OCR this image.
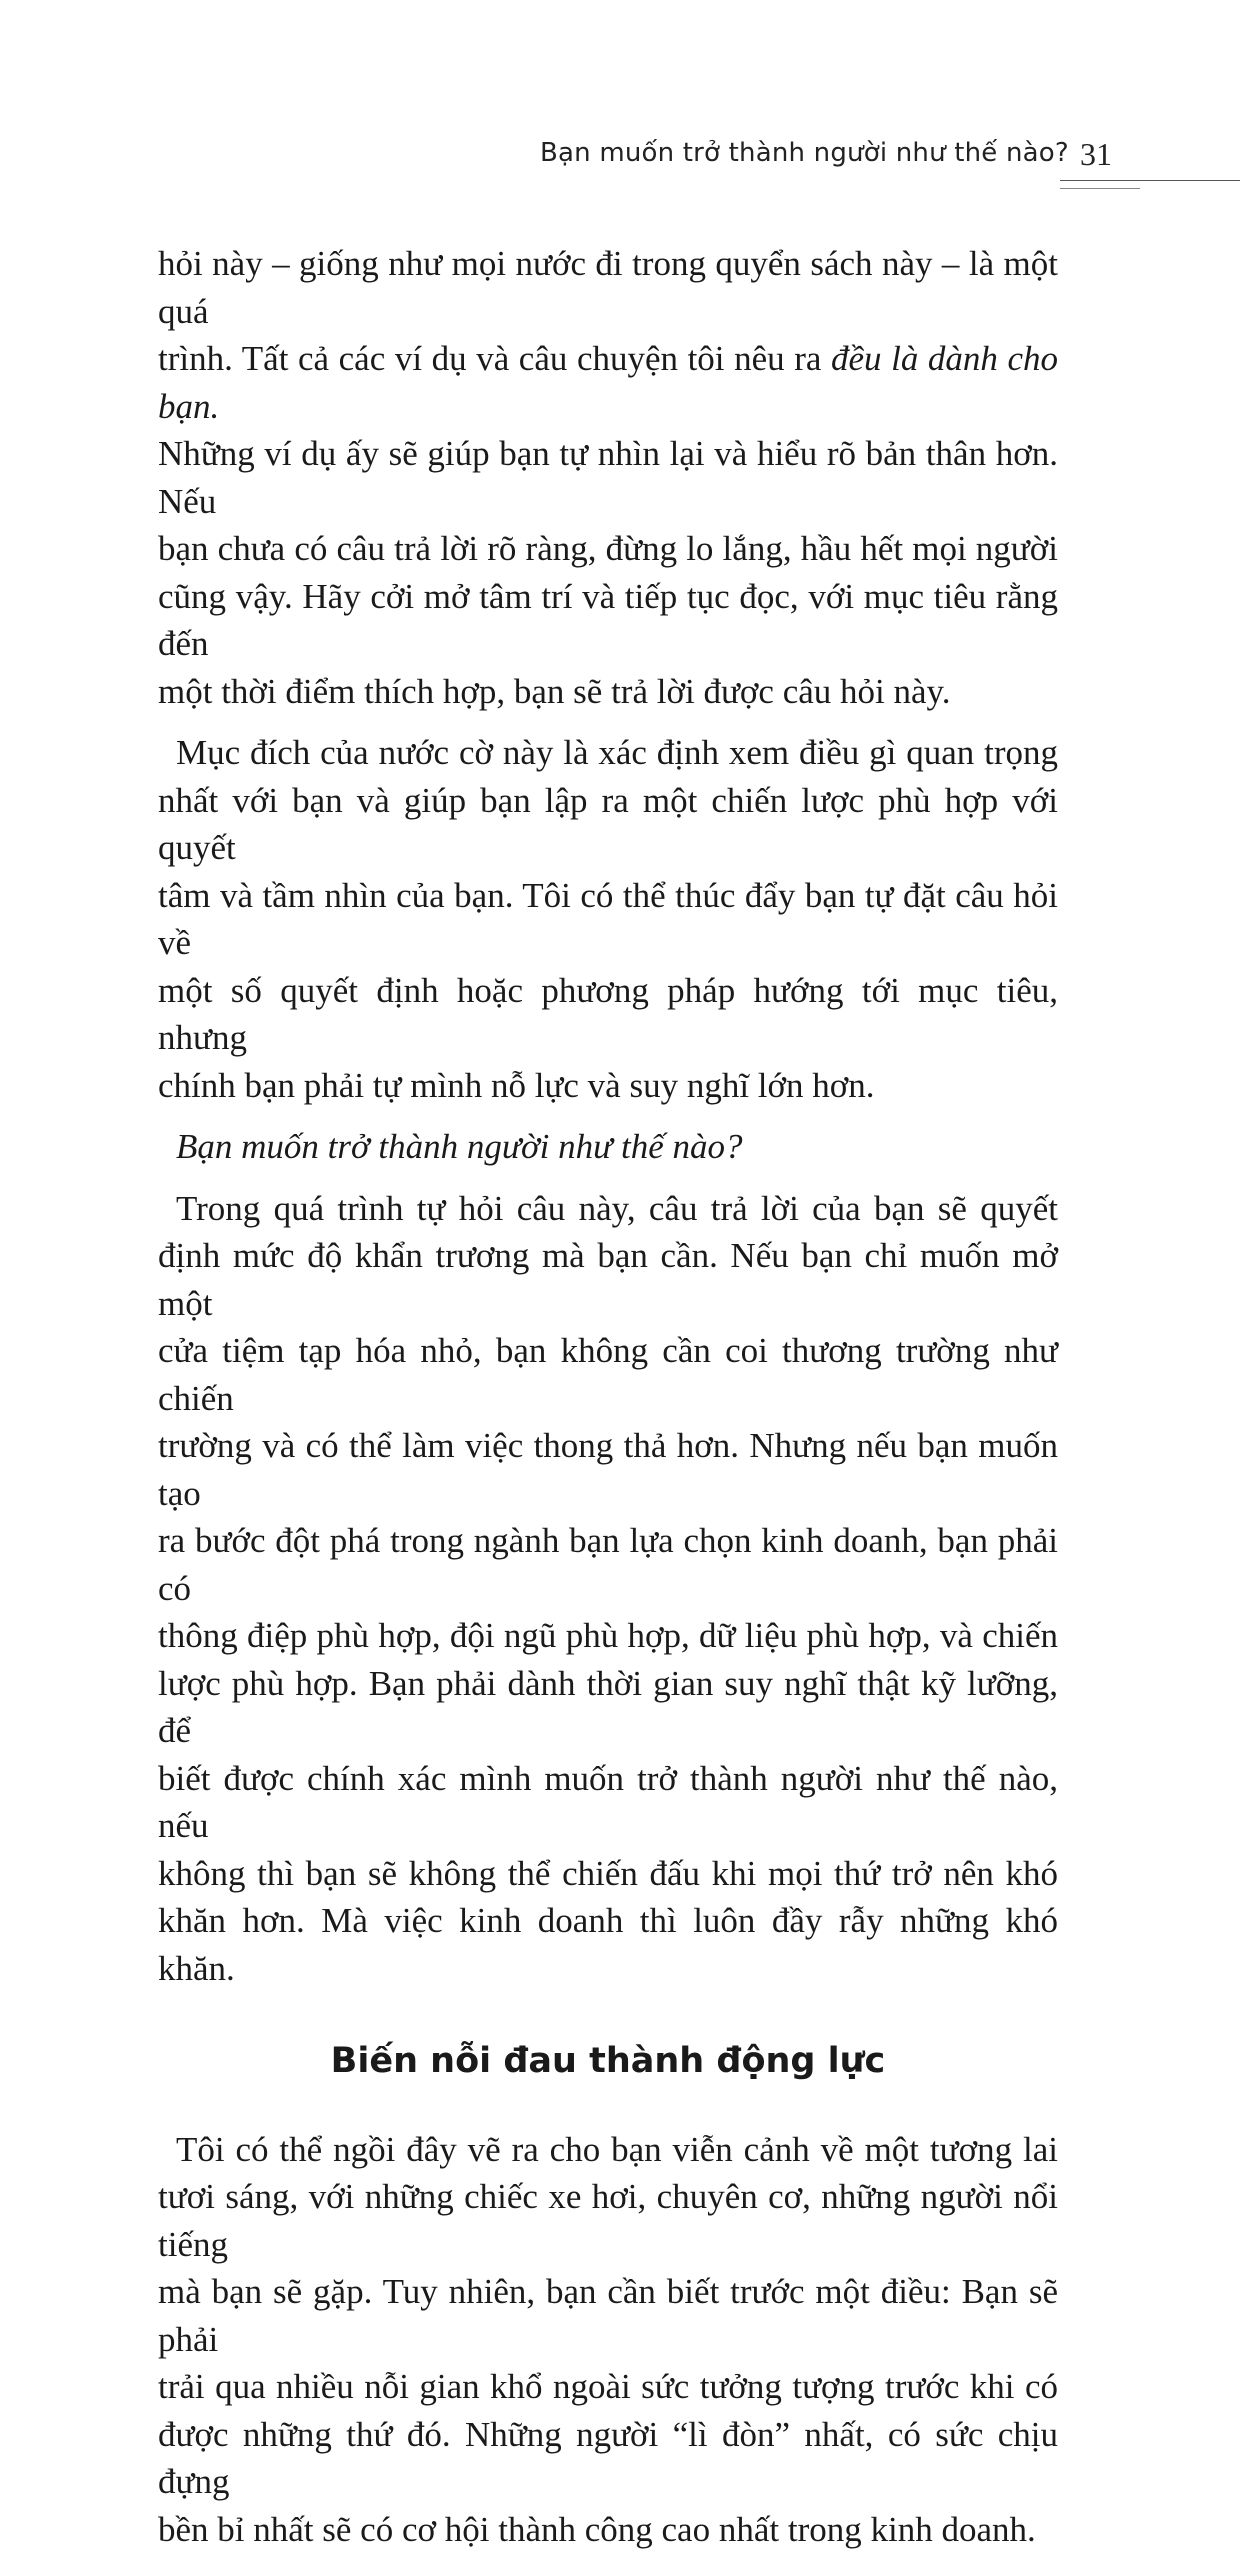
Bạn muốn trở thành người như thế nào? 31

hỏi này – giống như mọi nước đi trong quyển sách này – là một quá
trình. Tất cả các ví dụ và câu chuyện tôi nêu ra đều là dành cho bạn.
Những ví dụ ấy sẽ giúp bạn tự nhìn lại và hiểu rõ bản thân hơn. Nếu
bạn chưa có câu trả lời rõ ràng, đừng lo lắng, hầu hết mọi người
cũng vậy. Hãy cởi mở tâm trí và tiếp tục đọc, với mục tiêu rằng đến
một thời điểm thích hợp, bạn sẽ trả lời được câu hỏi này.

Mục đích của nước cờ này là xác định xem điều gì quan trọng
nhất với bạn và giúp bạn lập ra một chiến lược phù hợp với quyết
tâm và tầm nhìn của bạn. Tôi có thể thúc đẩy bạn tự đặt câu hỏi về
một số quyết định hoặc phương pháp hướng tới mục tiêu, nhưng
chính bạn phải tự mình nỗ lực và suy nghĩ lớn hơn.

Bạn muốn trở thành người như thế nào?

Trong quá trình tự hỏi câu này, câu trả lời của bạn sẽ quyết
định mức độ khẩn trương mà bạn cần. Nếu bạn chỉ muốn mở một
cửa tiệm tạp hóa nhỏ, bạn không cần coi thương trường như chiến
trường và có thể làm việc thong thả hơn. Nhưng nếu bạn muốn tạo
ra bước đột phá trong ngành bạn lựa chọn kinh doanh, bạn phải có
thông điệp phù hợp, đội ngũ phù hợp, dữ liệu phù hợp, và chiến
lược phù hợp. Bạn phải dành thời gian suy nghĩ thật kỹ lưỡng, để
biết được chính xác mình muốn trở thành người như thế nào, nếu
không thì bạn sẽ không thể chiến đấu khi mọi thứ trở nên khó
khăn hơn. Mà việc kinh doanh thì luôn đầy rẫy những khó khăn.

Biến nỗi đau thành động lực

Tôi có thể ngồi đây vẽ ra cho bạn viễn cảnh về một tương lai
tươi sáng, với những chiếc xe hơi, chuyên cơ, những người nổi tiếng
mà bạn sẽ gặp. Tuy nhiên, bạn cần biết trước một điều: Bạn sẽ phải
trải qua nhiều nỗi gian khổ ngoài sức tưởng tượng trước khi có
được những thứ đó. Những người “lì đòn” nhất, có sức chịu đựng
bền bỉ nhất sẽ có cơ hội thành công cao nhất trong kinh doanh.
